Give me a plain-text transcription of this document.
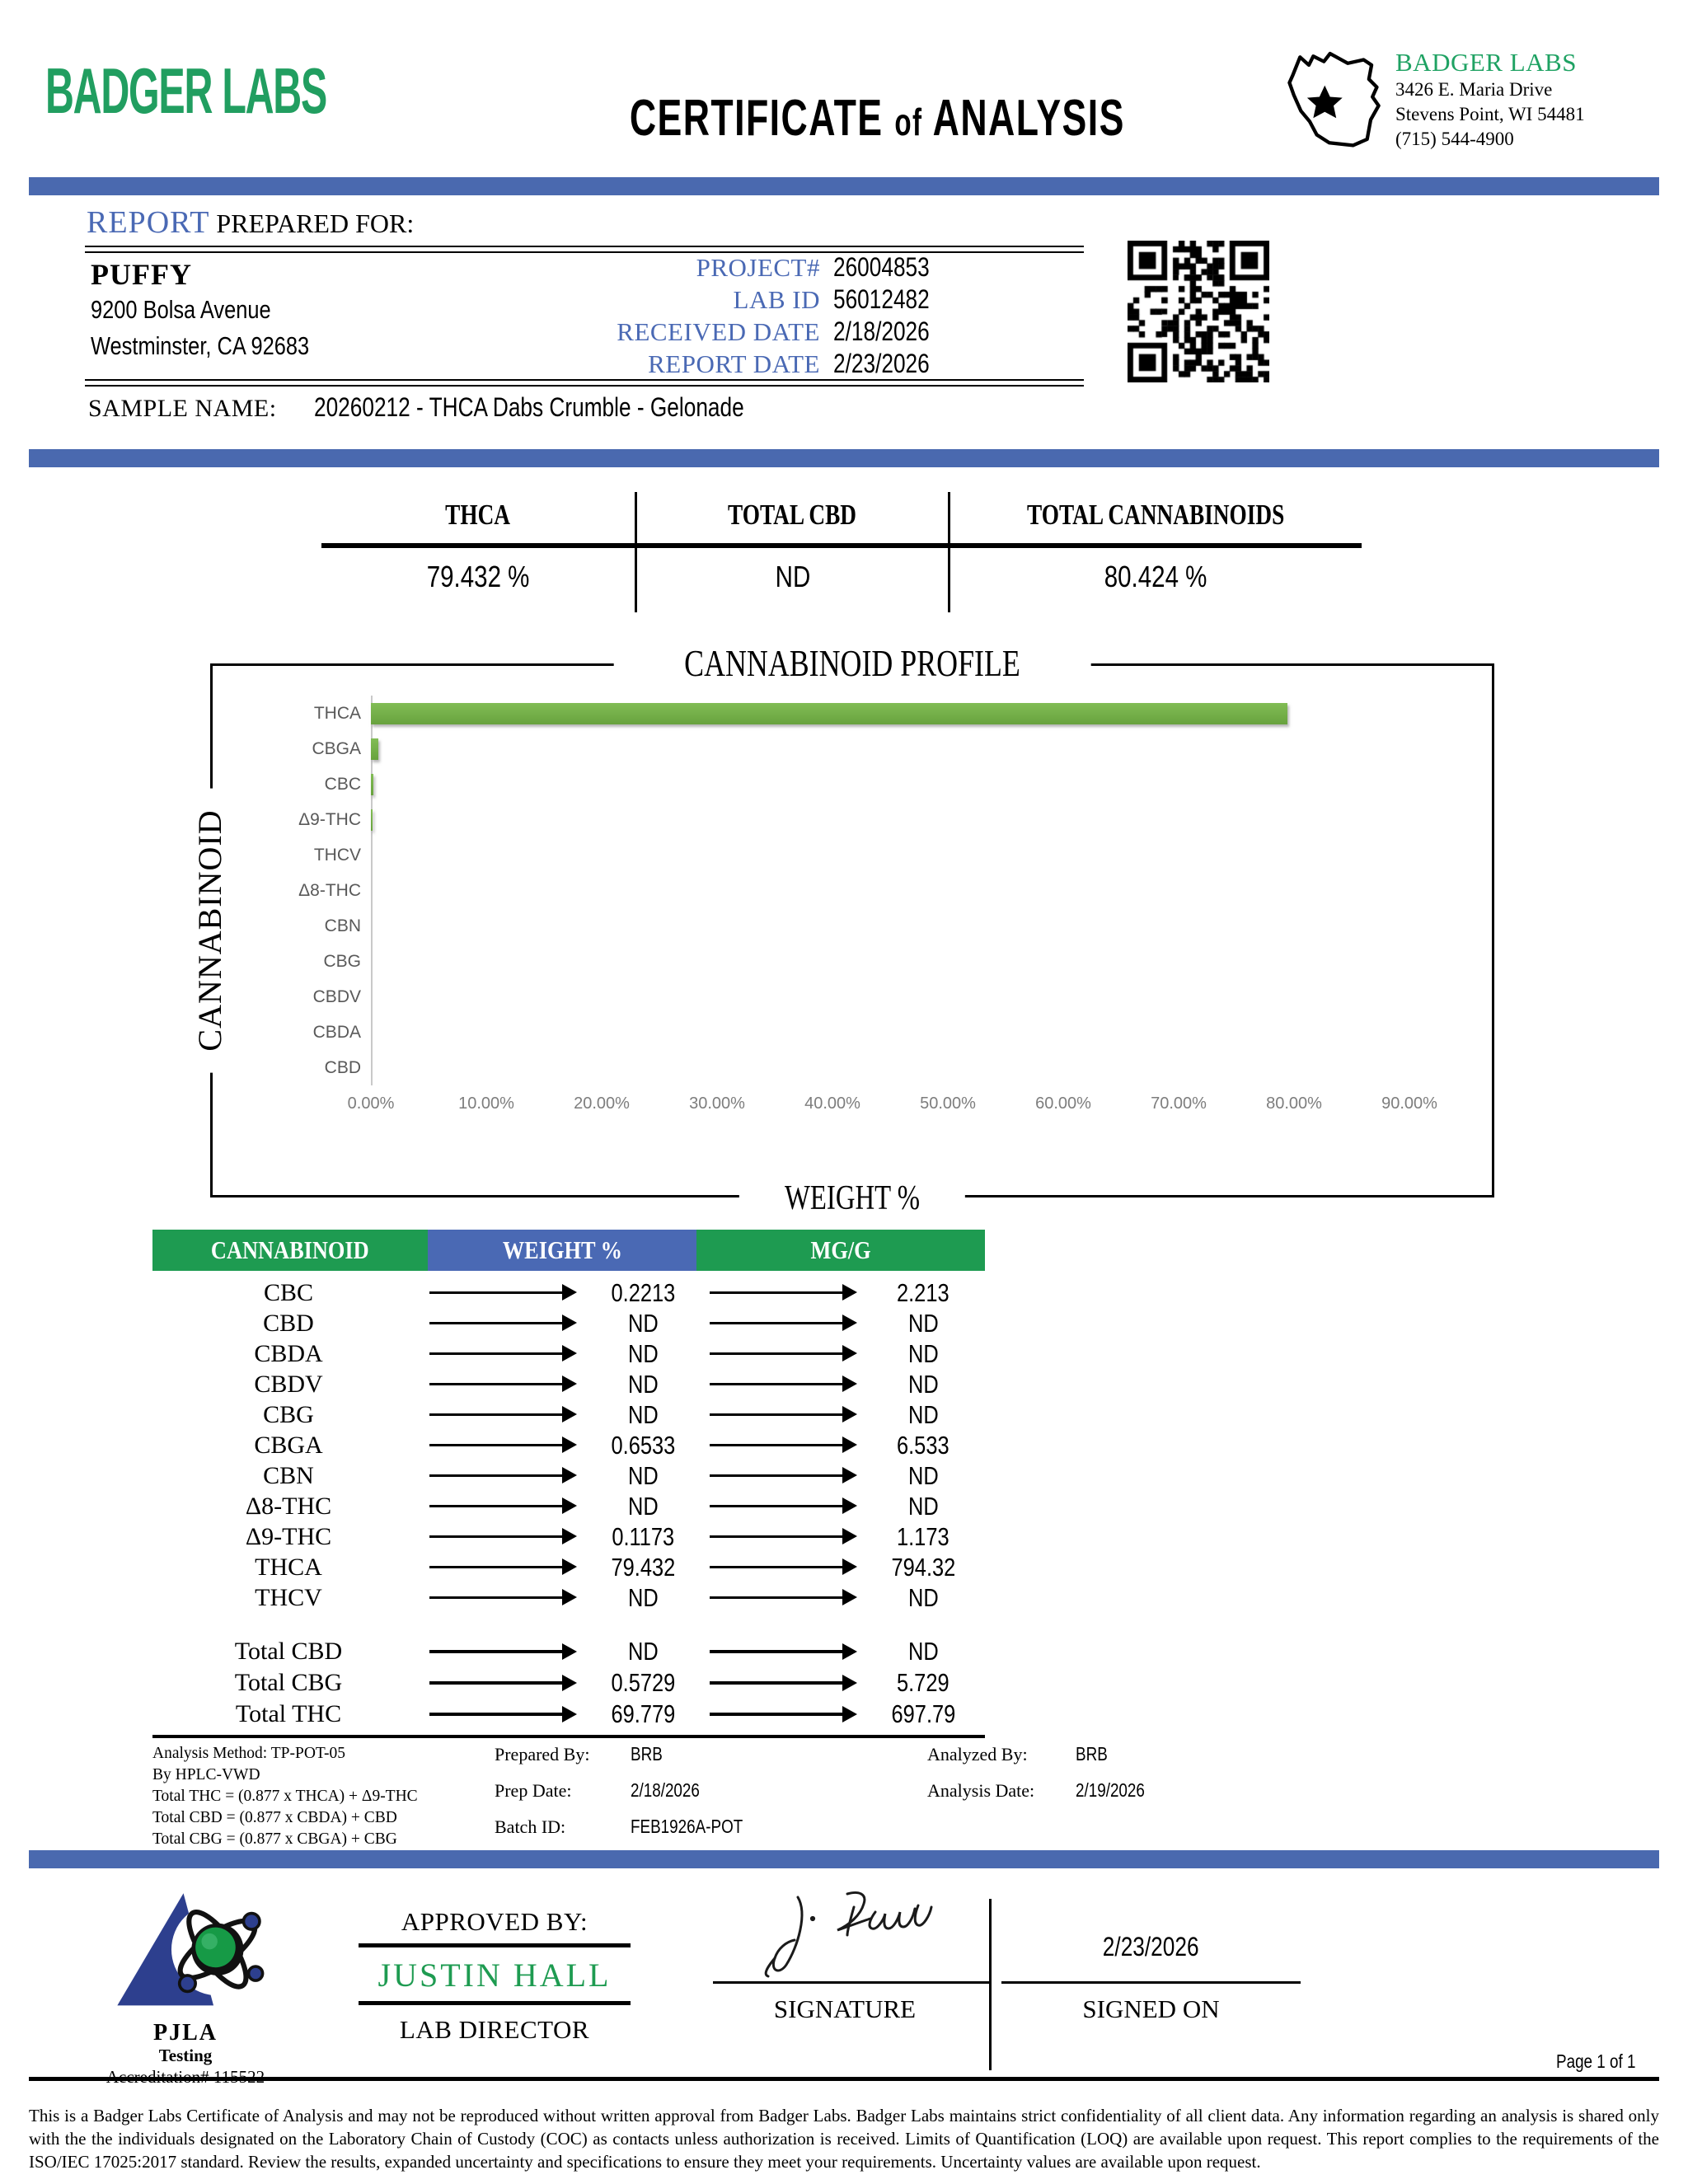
BADGER LABS	CERTIFICATE of ANALYSIS
BADGER LABS
3426 E. Maria Drive
Stevens Point, WI 54481
(715) 544-4900
REPORT PREPARED FOR:
PUFFY
9200 Bolsa Avenue
Westminster, CA 92683
PROJECT# 26004853
LAB ID 56012482
RECEIVED DATE 2/18/2026
REPORT DATE 2/23/2026
SAMPLE NAME: 20260212 - THCA Dabs Crumble - Gelonade
THCA	TOTAL CBD	TOTAL CANNABINOIDS
79.432 %	ND	80.424 %
CANNABINOID PROFILE
CANNABINOID
WEIGHT %
THCA
CBGA
CBC
Δ9-THC
THCV
Δ8-THC
CBN
CBG
CBDV
CBDA
CBD
0.00%	10.00%	20.00%	30.00%	40.00%	50.00%	60.00%	70.00%	80.00%	90.00%
CANNABINOID	WEIGHT %	MG/G
CBC	0.2213	2.213
CBD	ND	ND
CBDA	ND	ND
CBDV	ND	ND
CBG	ND	ND
CBGA	0.6533	6.533
CBN	ND	ND
Δ8-THC	ND	ND
Δ9-THC	0.1173	1.173
THCA	79.432	794.32
THCV	ND	ND
Total CBD	ND	ND
Total CBG	0.5729	5.729
Total THC	69.779	697.79
Analysis Method: TP-POT-05
By HPLC-VWD
Total THC = (0.877 x THCA) + Δ9-THC
Total CBD = (0.877 x CBDA) + CBD
Total CBG = (0.877 x CBGA) + CBG
Prepared By: BRB
Prep Date:	2/18/2026
Batch ID:	FEB1926A-POT
Analyzed By:	BRB
Analysis Date: 2/19/2026
PJLA
Testing
APPROVED BY:
JUSTIN HALL
LAB DIRECTOR
SIGNATURE
2/23/2026
SIGNED ON
Page 1 of 1

This is a Badger Labs Certificate of Analysis and may not be reproduced without written approval from Badger Labs. Badger Labs maintains strict confidentiality of all client data. Any information regarding an analysis is shared only with the the individuals designated on the Laboratory Chain of Custody (COC) as contacts unless authorization is received. Limits of Quantification (LOQ) are available upon request. This report complies to the requirements of the ISO/IEC 17025:2017 standard. Review the results, expanded uncertainty and specifications to ensure they meet your requirements. Uncertainty values are available upon request.
